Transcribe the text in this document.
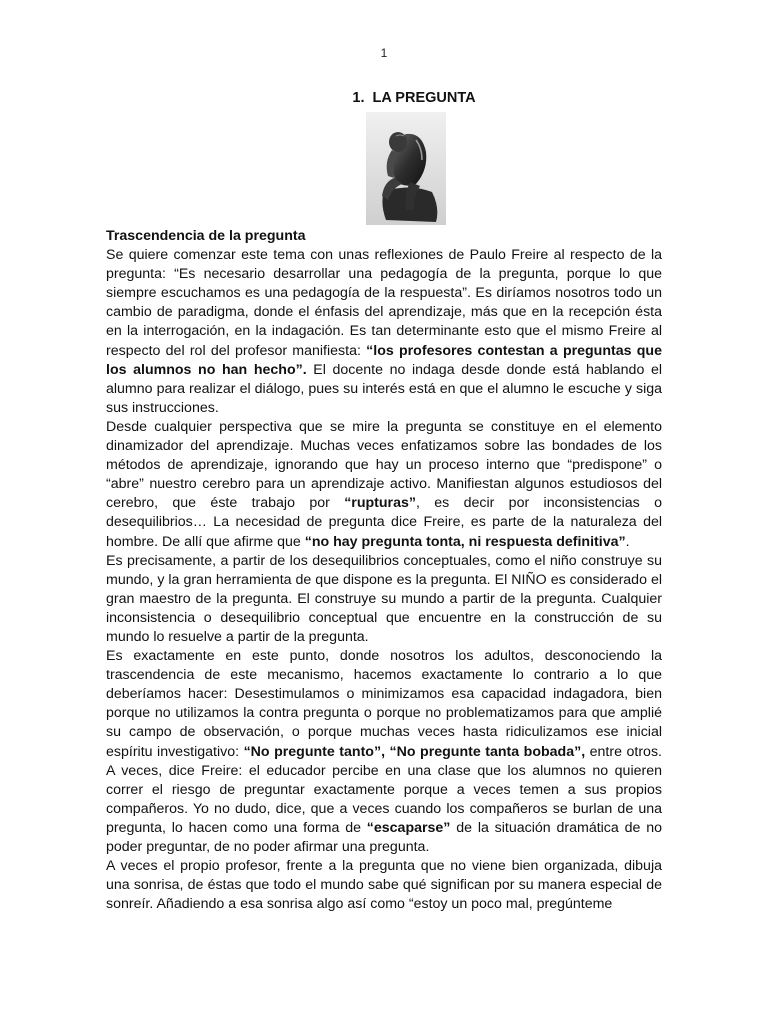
1
1. LA PREGUNTA

Trascendencia de la pregunta

Se quiere comenzar este tema con unas reflexiones de Paulo Freire al respecto de la pregunta: “Es necesario desarrollar una pedagogía de la pregunta, porque lo que siempre escuchamos es una pedagogía de la respuesta”. Es diríamos nosotros todo un cambio de paradigma, donde el énfasis del aprendizaje, más que en la recepción ésta en la interrogación, en la indagación. Es tan determinante esto que el mismo Freire al respecto del rol del profesor manifiesta: “los profesores contestan a preguntas que los alumnos no han hecho”. El docente no indaga desde donde está hablando el alumno para realizar el diálogo, pues su interés está en que el alumno le escuche y siga sus instrucciones.

Desde cualquier perspectiva que se mire la pregunta se constituye en el elemento dinamizador del aprendizaje. Muchas veces enfatizamos sobre las bondades de los métodos de aprendizaje, ignorando que hay un proceso interno que “predispone” o “abre” nuestro cerebro para un aprendizaje activo. Manifiestan algunos estudiosos del cerebro, que éste trabajo por “rupturas”, es decir por inconsistencias o desequilibrios… La necesidad de pregunta dice Freire, es parte de la naturaleza del hombre. De allí que afirme que “no hay pregunta tonta, ni respuesta definitiva”.

Es precisamente, a partir de los desequilibrios conceptuales, como el niño construye su mundo, y la gran herramienta de que dispone es la pregunta. El NIÑO es considerado el gran maestro de la pregunta. El construye su mundo a partir de la pregunta. Cualquier inconsistencia o desequilibrio conceptual que encuentre en la construcción de su mundo lo resuelve a partir de la pregunta.

Es exactamente en este punto, donde nosotros los adultos, desconociendo la trascendencia de este mecanismo, hacemos exactamente lo contrario a lo que deberíamos hacer: Desestimulamos o minimizamos esa capacidad indagadora, bien porque no utilizamos la contra pregunta o porque no problematizamos para que amplié su campo de observación, o porque muchas veces hasta ridiculizamos ese inicial espíritu investigativo: “No pregunte tanto”, “No pregunte tanta bobada”, entre otros. A veces, dice Freire: el educador percibe en una clase que los alumnos no quieren correr el riesgo de preguntar exactamente porque a veces temen a sus propios compañeros. Yo no dudo, dice, que a veces cuando los compañeros se burlan de una pregunta, lo hacen como una forma de “escaparse” de la situación dramática de no poder preguntar, de no poder afirmar una pregunta.

A veces el propio profesor, frente a la pregunta que no viene bien organizada, dibuja una sonrisa, de éstas que todo el mundo sabe qué significan por su manera especial de sonreír. Añadiendo a esa sonrisa algo así como “estoy un poco mal, pregúnteme
